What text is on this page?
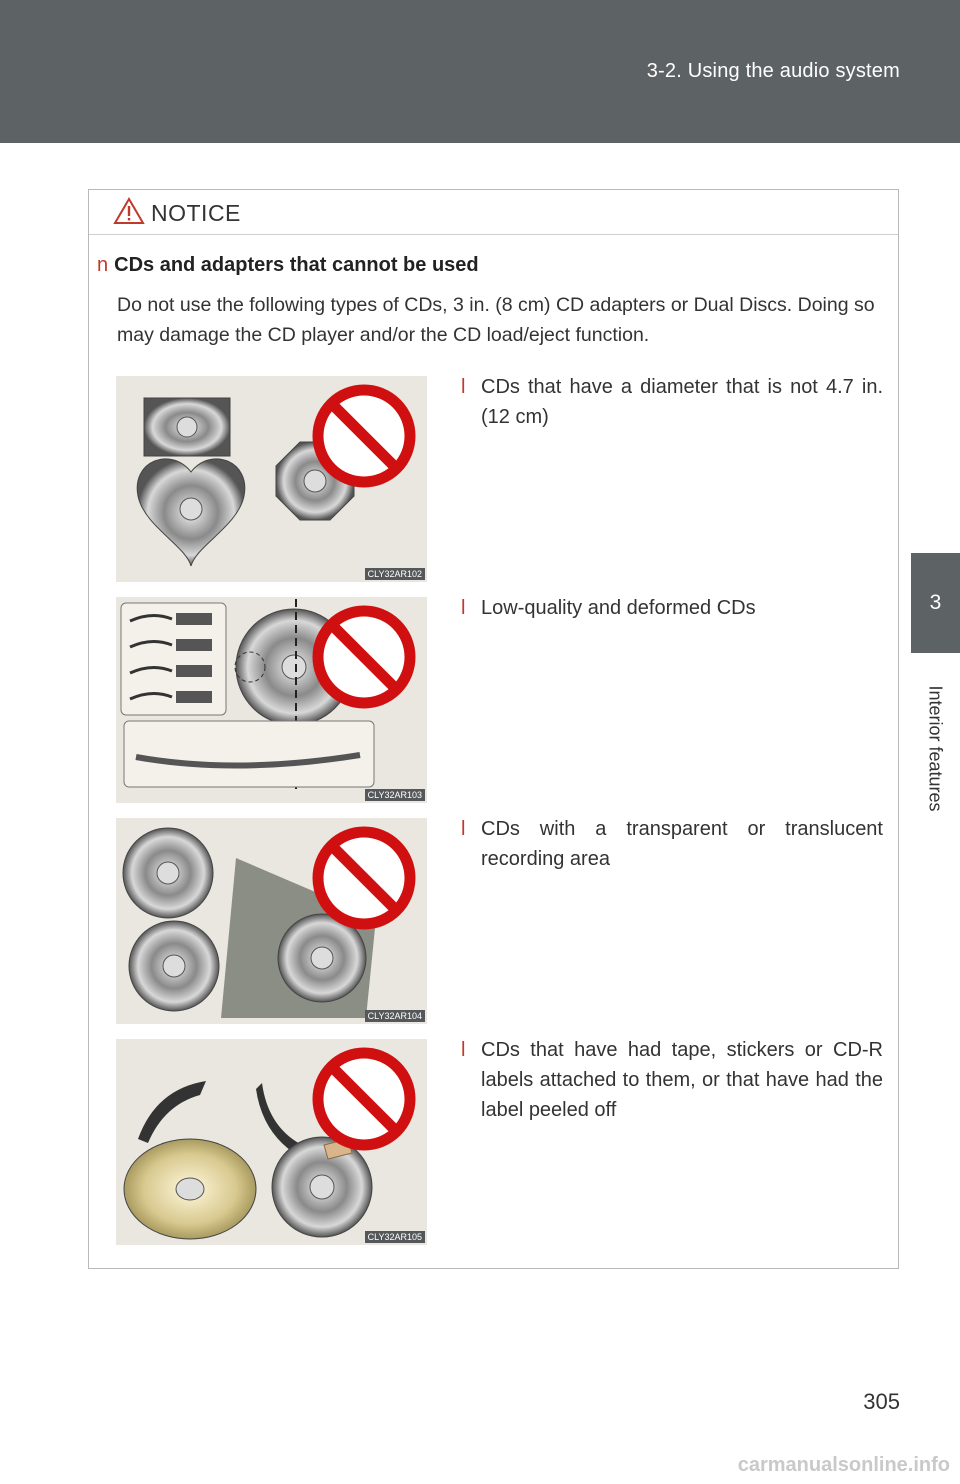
3-2. Using the audio system
3
Interior features
NOTICE
n CDs and adapters that cannot be used
Do not use the following types of CDs, 3 in. (8 cm) CD adapters or Dual Discs. Doing so may damage the CD player and/or the CD load/eject function.
CLY32AR102
l CDs that have a diameter that is not 4.7 in. (12 cm)
CLY32AR103
l Low-quality and deformed CDs
CLY32AR104
l CDs with a transparent or translucent recording area
CLY32AR105
l CDs that have had tape, stickers or CD-R labels attached to them, or that have had the label peeled off
305
carmanualsonline.info
